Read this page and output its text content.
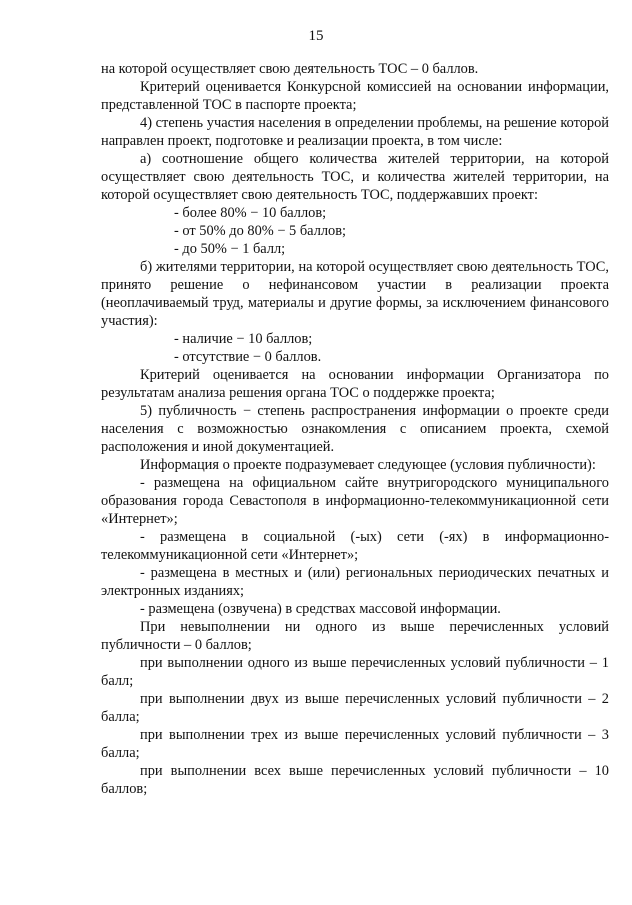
15

на которой осуществляет свою деятельность ТОС – 0 баллов.

Критерий оценивается Конкурсной комиссией на основании информации, представленной ТОС в паспорте проекта;

4) степень участия населения в определении проблемы, на решение которой направлен проект, подготовке и реализации проекта, в том числе:

а) соотношение общего количества жителей территории, на которой осуществляет свою деятельность ТОС, и количества жителей территории, на которой осуществляет свою деятельность ТОС, поддержавших проект:

- более 80% − 10 баллов;

- от 50% до 80% − 5 баллов;

- до 50% − 1 балл;

б) жителями территории, на которой осуществляет свою деятельность ТОС, принято решение о нефинансовом участии в реализации проекта (неоплачиваемый труд, материалы и другие формы, за исключением финансового участия):

- наличие − 10 баллов;

- отсутствие − 0 баллов.

Критерий оценивается на основании информации Организатора по результатам анализа решения органа ТОС о поддержке проекта;

5) публичность − степень распространения информации о проекте среди населения с возможностью ознакомления с описанием проекта, схемой расположения и иной документацией.

Информация о проекте подразумевает следующее (условия публичности):

- размещена на официальном сайте внутригородского муниципального образования города Севастополя в информационно-телекоммуникационной сети «Интернет»;

- размещена в социальной (-ых) сети (-ях) в информационно-телекоммуникационной сети «Интернет»;

- размещена в местных и (или) региональных периодических печатных и электронных изданиях;

- размещена (озвучена) в средствах массовой информации.

При невыполнении ни одного из выше перечисленных условий публичности – 0 баллов;

при выполнении одного из выше перечисленных условий публичности – 1 балл;

при выполнении двух из выше перечисленных условий публичности – 2 балла;

при выполнении трех из выше перечисленных условий публичности – 3 балла;

при выполнении всех выше перечисленных условий публичности – 10 баллов;
